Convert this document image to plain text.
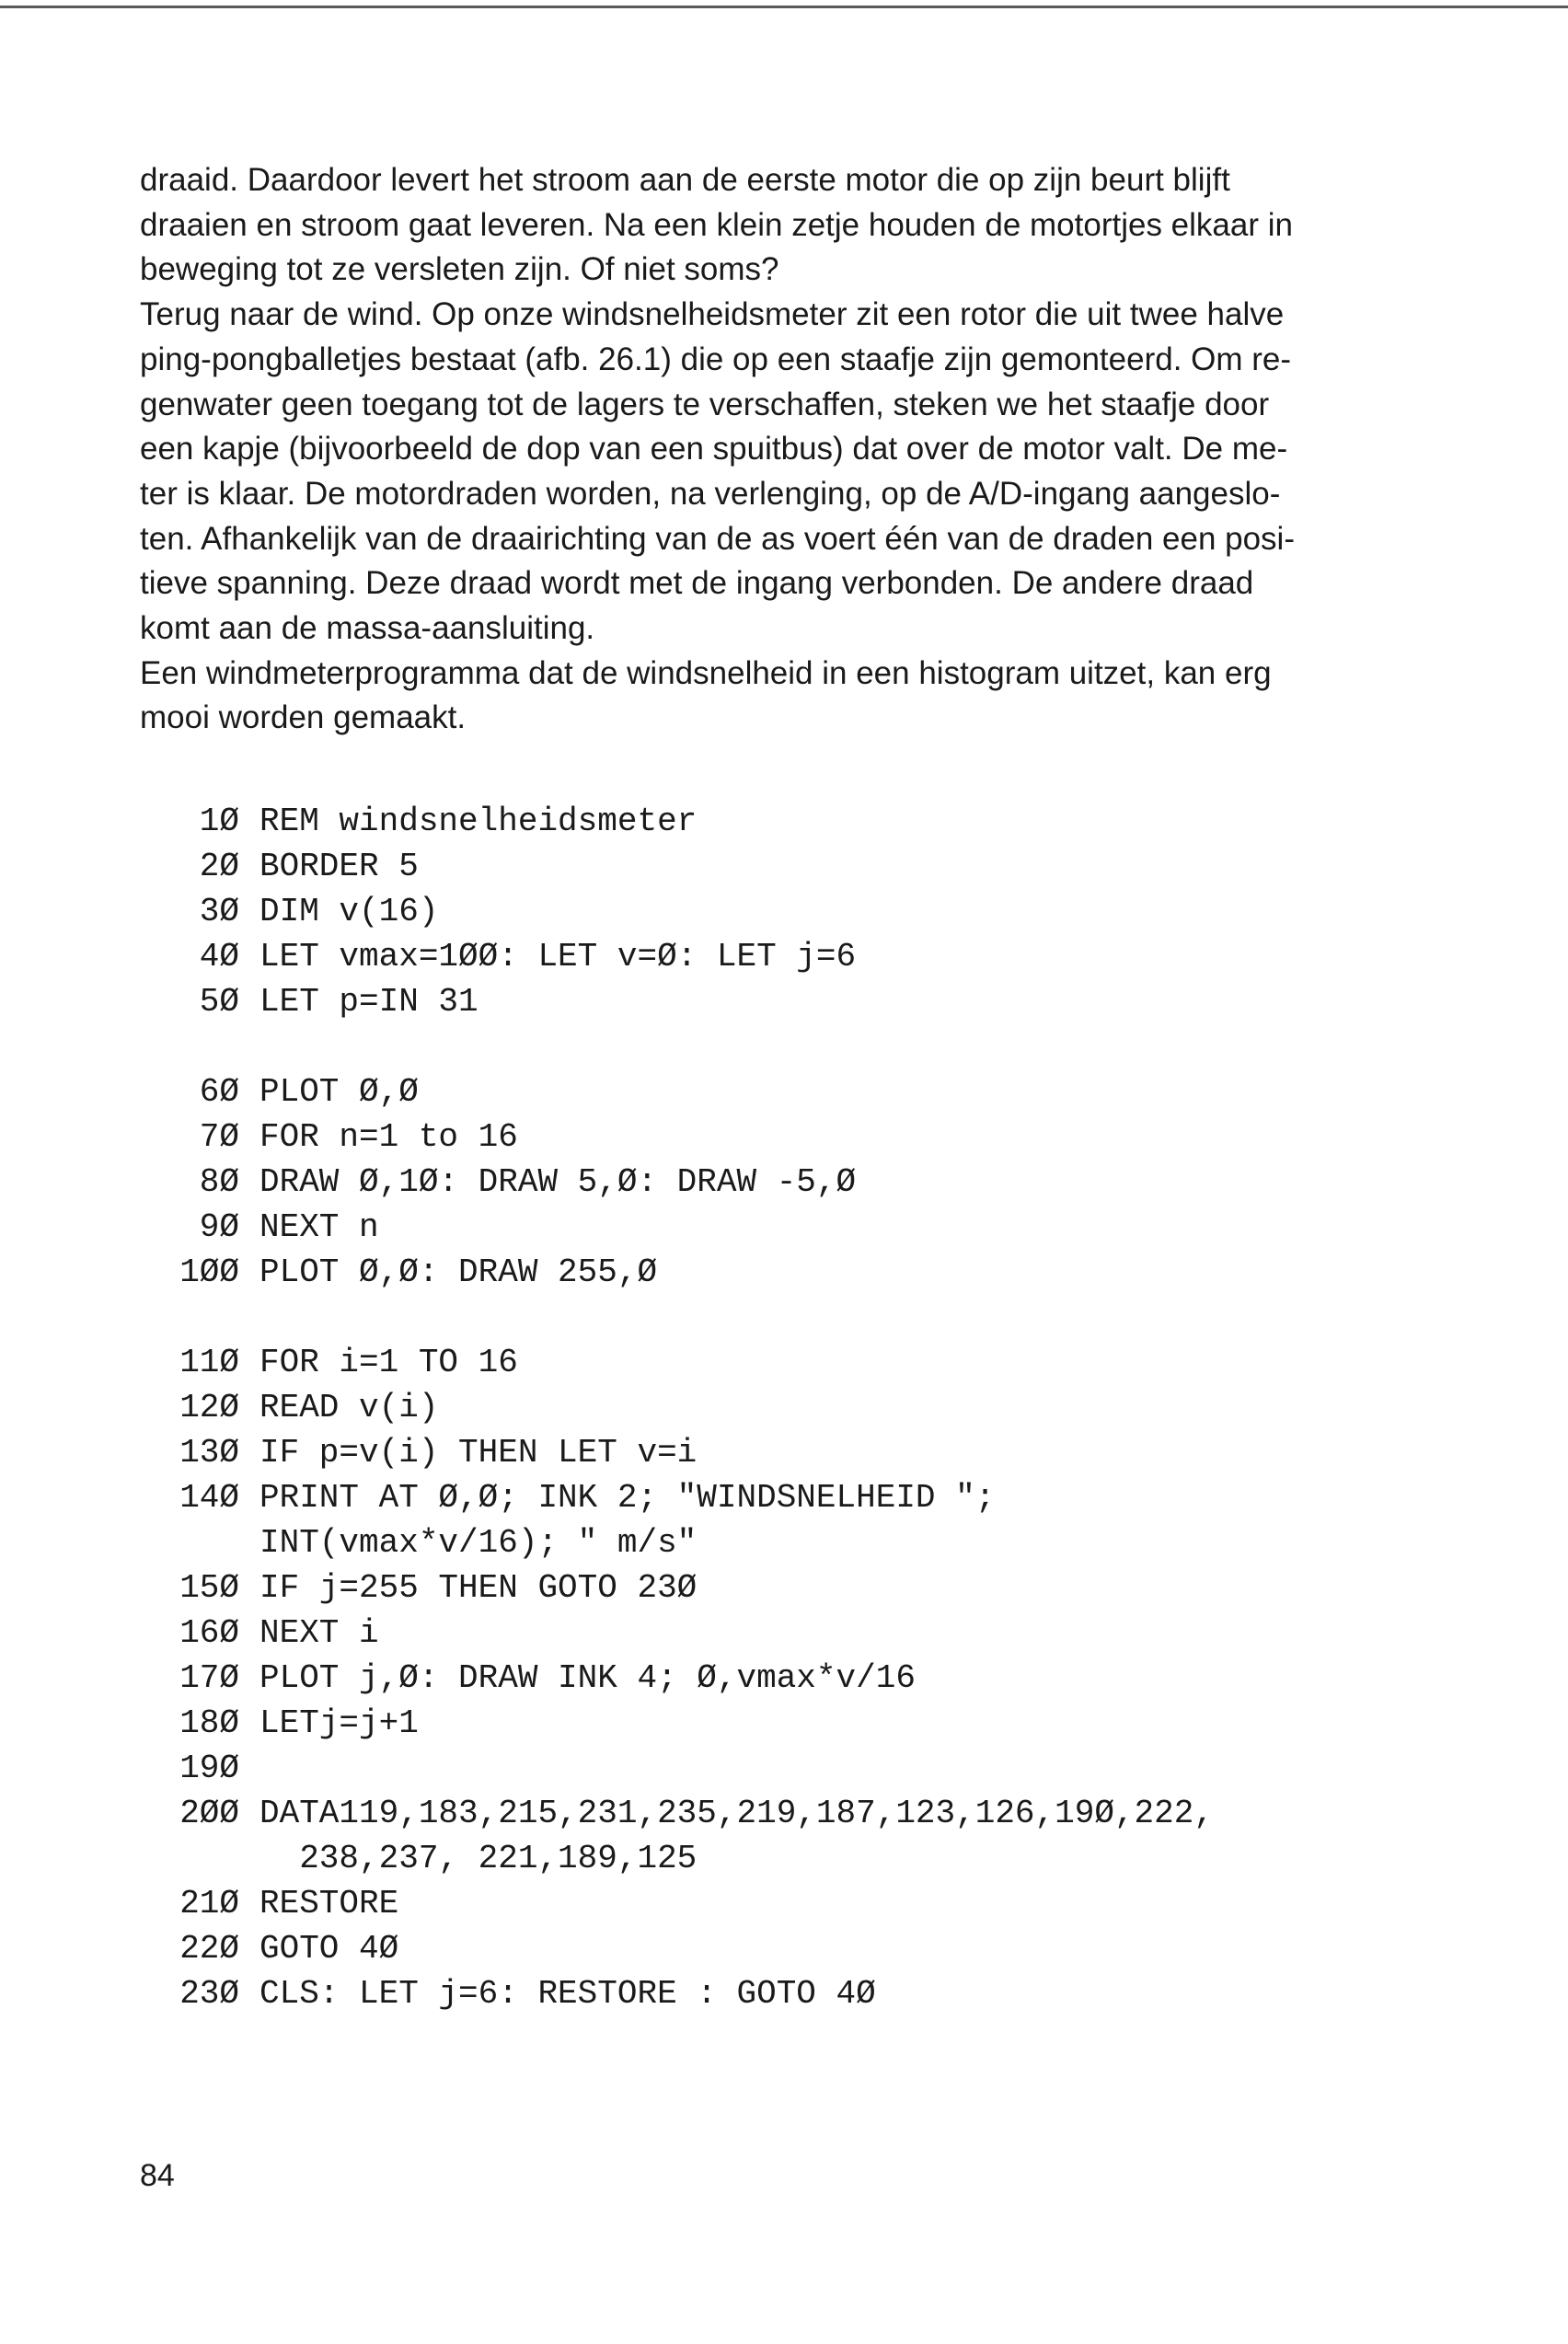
draaid. Daardoor levert het stroom aan de eerste motor die op zijn beurt blijft
draaien en stroom gaat leveren. Na een klein zetje houden de motortjes elkaar in
beweging tot ze versleten zijn. Of niet soms?
Terug naar de wind. Op onze windsnelheidsmeter zit een rotor die uit twee halve
ping-pongballetjes bestaat (afb. 26.1) die op een staafje zijn gemonteerd. Om re-
genwater geen toegang tot de lagers te verschaffen, steken we het staafje door
een kapje (bijvoorbeeld de dop van een spuitbus) dat over de motor valt. De me-
ter is klaar. De motordraden worden, na verlenging, op de A/D-ingang aangeslo-
ten. Afhankelijk van de draairichting van de as voert één van de draden een posi-
tieve spanning. Deze draad wordt met de ingang verbonden. De andere draad
komt aan de massa-aansluiting.
Een windmeterprogramma dat de windsnelheid in een histogram uitzet, kan erg
mooi worden gemaakt.
1Ø REM windsnelheidsmeter
2Ø BORDER 5
3Ø DIM v(16)
4Ø LET vmax=1ØØ: LET v=Ø: LET j=6
5Ø LET p=IN 31
6Ø PLOT Ø,Ø
7Ø FOR n=1 to 16
8Ø DRAW Ø,1Ø: DRAW 5,Ø: DRAW -5,Ø
9Ø NEXT n
1ØØ PLOT Ø,Ø: DRAW 255,Ø
11Ø FOR i=1 TO 16
12Ø READ v(i)
13Ø IF p=v(i) THEN LET v=i
14Ø PRINT AT Ø,Ø; INK 2; "WINDSNELHEID ";
INT(vmax*v/16); " m/s"
15Ø IF j=255 THEN GOTO 23Ø
16Ø NEXT i
17Ø PLOT j,Ø: DRAW INK 4; Ø,vmax*v/16
18Ø LETj=j+1
19Ø
2ØØ DATA119,183,215,231,235,219,187,123,126,19Ø,222,
238,237, 221,189,125
21Ø RESTORE
22Ø GOTO 4Ø
23Ø CLS: LET j=6: RESTORE : GOTO 4Ø
84
